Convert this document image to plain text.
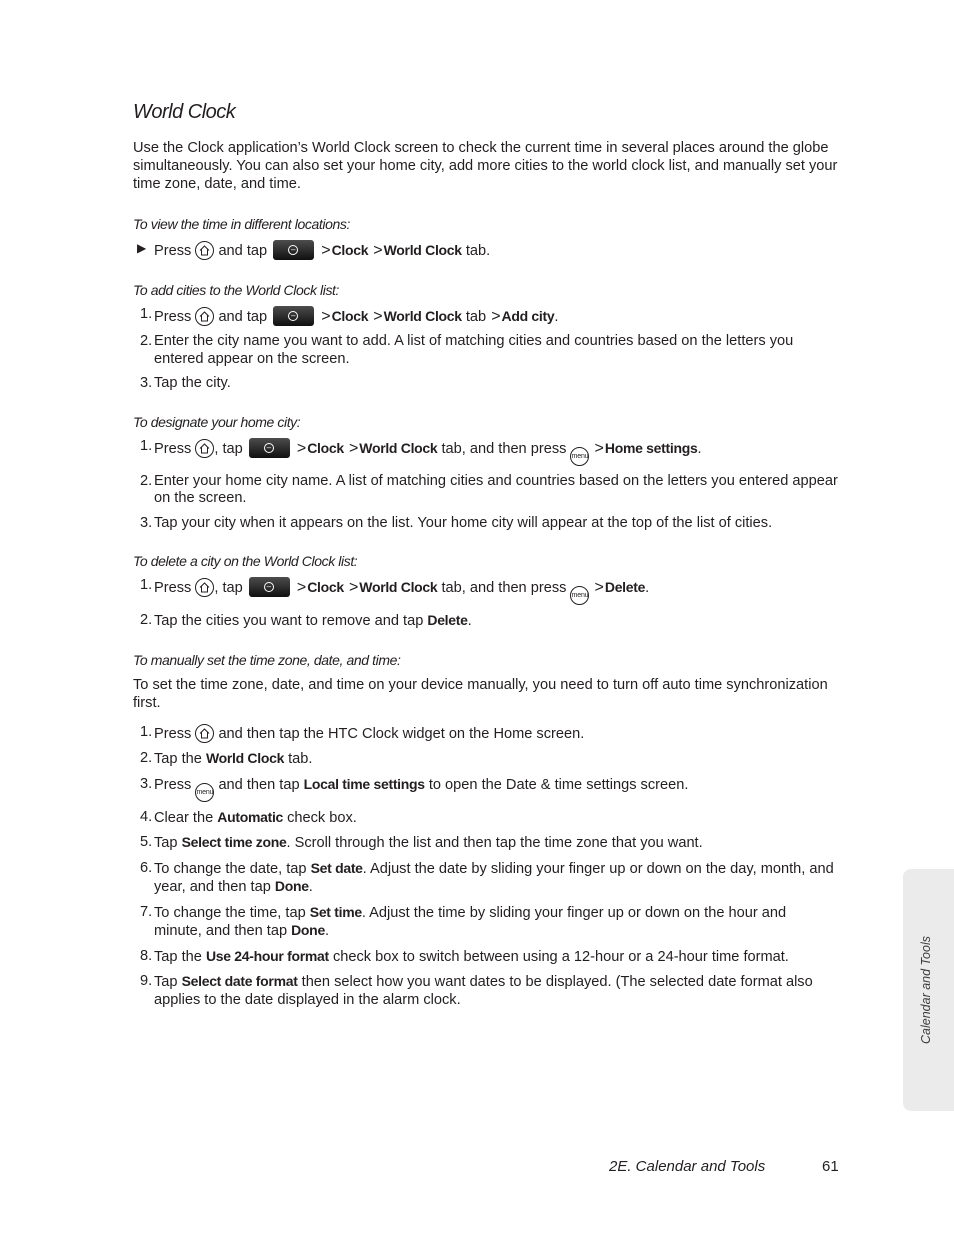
Calendar and Tools
World Clock

Use the Clock application’s World Clock screen to check the current time in several places around the globe simultaneously. You can also set your home city, add more cities to the world clock list, and manually set your time zone, date, and time.

To view the time in different locations:

▶ Press and tap	– >Clock >World Clock tab.

To add cities to the World Clock list:

1. Press and tap	– >Clock >World Clock tab >Add city.
2. Enter the city name you want to add. A list of matching cities and countries based on the letters you entered appear on the screen.
3. Tap the city.

To designate your home city:

1. Press , tap	– >Clock >World Clock tab, and then press menu >Home settings.
2. Enter your home city name. A list of matching cities and countries based on the letters you entered appear on the screen.
3. Tap your city when it appears on the list. Your home city will appear at the top of the list of cities.

To delete a city on the World Clock list:

1. Press , tap	– >Clock >World Clock tab, and then press menu >Delete.
2. Tap the cities you want to remove and tap Delete.

To manually set the time zone, date, and time:

To set the time zone, date, and time on your device manually, you need to turn off auto time synchronization first.

1. Press and then tap the HTC Clock widget on the Home screen.
2. Tap the World Clock tab.
3. Press menu and then tap Local time settings to open the Date & time settings screen.
4. Clear the Automatic check box.
5. Tap Select time zone. Scroll through the list and then tap the time zone that you want.
6. To change the date, tap Set date. Adjust the date by sliding your finger up or down on the day, month, and year, and then tap Done.
7. To change the time, tap Set time. Adjust the time by sliding your finger up or down on the hour and minute, and then tap Done.
8. Tap the Use 24-hour format check box to switch between using a 12-hour or a 24-hour time format.
9. Tap Select date format then select how you want dates to be displayed. (The selected date format also applies to the date displayed in the alarm clock.
2E. Calendar and Tools	61
